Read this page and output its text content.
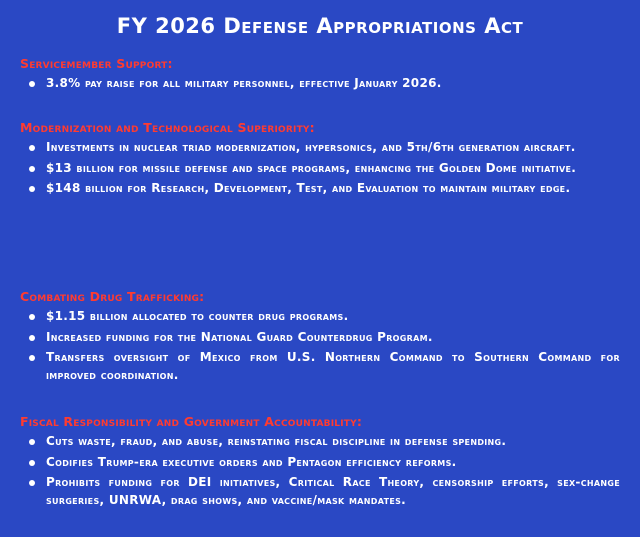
FY 2026 Defense Appropriations Act
Servicemember Support:
3.8% pay raise for all military personnel, effective January 2026.
Modernization and Technological Superiority:
Investments in nuclear triad modernization, hypersonics, and 5th/6th generation aircraft.
$13 billion for missile defense and space programs, enhancing the Golden Dome initiative.
$148 billion for Research, Development, Test, and Evaluation to maintain military edge.
Combating Drug Trafficking:
$1.15 billion allocated to counter drug programs.
Increased funding for the National Guard Counterdrug Program.
Transfers oversight of Mexico from U.S. Northern Command to Southern Command for improved coordination.
Fiscal Responsibility and Government Accountability:
Cuts waste, fraud, and abuse, reinstating fiscal discipline in defense spending.
Codifies Trump-era executive orders and Pentagon efficiency reforms.
Prohibits funding for DEI initiatives, Critical Race Theory, censorship efforts, sex-change surgeries, UNRWA, drag shows, and vaccine/mask mandates.
